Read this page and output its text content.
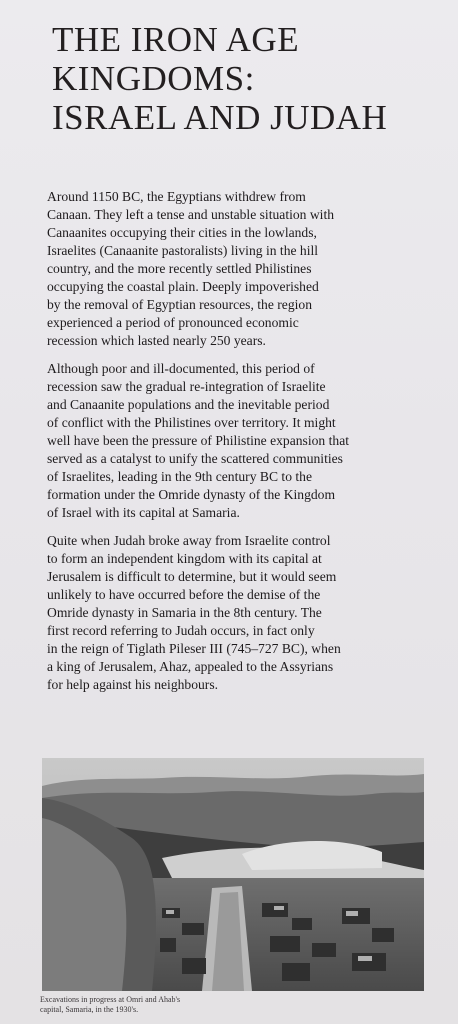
THE IRON AGE
KINGDOMS:
ISRAEL AND JUDAH

Around 1150 BC, the Egyptians withdrew from
Canaan. They left a tense and unstable situation with
Canaanites occupying their cities in the lowlands,
Israelites (Canaanite pastoralists) living in the hill
country, and the more recently settled Philistines
occupying the coastal plain. Deeply impoverished
by the removal of Egyptian resources, the region
experienced a period of pronounced economic
recession which lasted nearly 250 years.

Although poor and ill-documented, this period of
recession saw the gradual re-integration of Israelite
and Canaanite populations and the inevitable period
of conflict with the Philistines over territory. It might
well have been the pressure of Philistine expansion that
served as a catalyst to unify the scattered communities
of Israelites, leading in the 9th century BC to the
formation under the Omride dynasty of the Kingdom
of Israel with its capital at Samaria.

Quite when Judah broke away from Israelite control
to form an independent kingdom with its capital at
Jerusalem is difficult to determine, but it would seem
unlikely to have occurred before the demise of the
Omride dynasty in Samaria in the 8th century. The
first record referring to Judah occurs, in fact only
in the reign of Tiglath Pileser III (745–727 BC), when
a king of Jerusalem, Ahaz, appealed to the Assyrians
for help against his neighbours.

Excavations in progress at Omri and Ahab's
capital, Samaria, in the 1930's.
